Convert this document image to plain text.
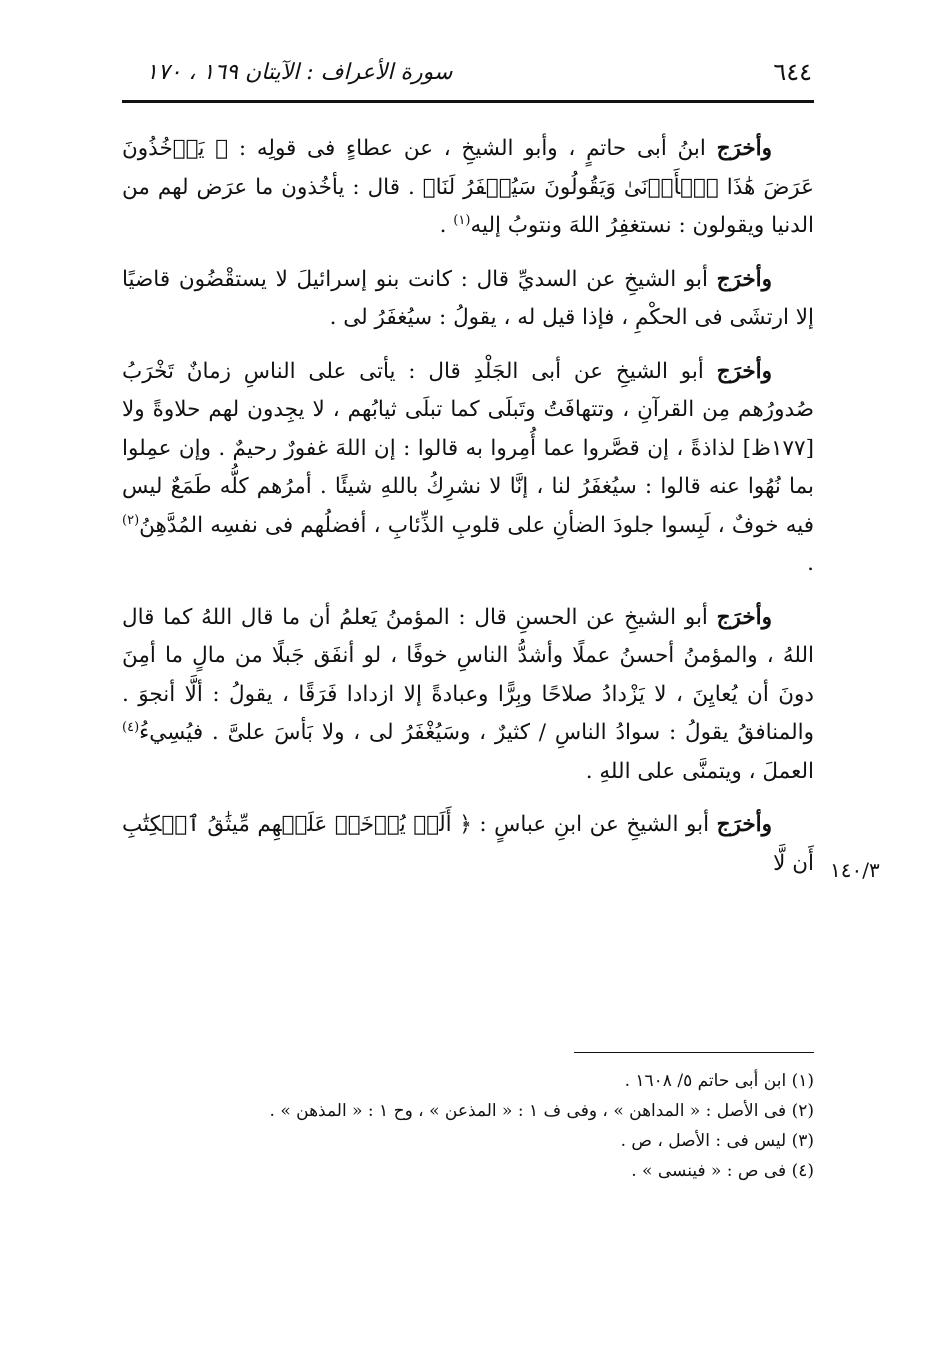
٦٤٤
سورة الأعراف : الآيتان ١٦٩ ، ١٧٠

وأخرَج ابنُ أبى حاتمٍ ، وأبو الشيخِ ، عن عطاءٍ فى قولِه : ﴿ يَأۡخُذُونَ عَرَضَ هَٰذَا ٱلۡأَدۡنَىٰ وَيَقُولُونَ سَيُغۡفَرُ لَنَا﴾ . قال : يأخُذون ما عرَض لهم من الدنيا ويقولون : نستغفِرُ اللهَ ونتوبُ إليه$^{(١)}$ .

وأخرَج أبو الشيخِ عن السديِّ قال : كانت بنو إسرائيلَ لا يستقْضُون قاضيًا إلا ارتشَى فى الحكْمِ ، فإذا قيل له ، يقولُ : سيُغفَرُ لى .

وأخرَج أبو الشيخِ عن أبى الجَلْدِ قال : يأتى على الناسِ زمانٌ تَخْرَبُ صُدورُهم مِن القرآنِ ، وتتهافَتُ وتَبلَى كما تبلَى ثيابُهم ، لا يجِدون لهم حلاوةً ولا [١٧٧ظ] لذاذةً ، إن قصَّروا عما أُمِروا به قالوا : إن اللهَ غفورٌ رحيمٌ . وإن عمِلوا بما نُهُوا عنه قالوا : سيُغفَرُ لنا ، إنَّا لا نشرِكُ باللهِ شيئًا . أمرُهم كلُّه طَمَعٌ ليس فيه خوفٌ ، لَبِسوا جلودَ الضأنِ على قلوبِ الذِّئابِ ، أفضلُهم فى نفسِه المُدَّهِنُ$^{(٢)}$ .

وأخرَج أبو الشيخِ عن الحسنِ قال : المؤمنُ يَعلمُ أن ما قال اللهُ كما قال اللهُ ، والمؤمنُ أحسنُ عملًا وأشدُّ الناسِ خوفًا ، لو أنفَق جَبلًا من مالٍ ما أمِنَ دونَ أن يُعايِنَ ، لا يَزْدادُ صلاحًا وبِرًّا وعبادةً إلا ازدادا فَرَقًا ، يقولُ : ألَّا أنجوَ . والمنافقُ يقولُ : سوادُ الناسِ / كثيرٌ ، وسَيُغْفَرُ لى ، ولا بَأسَ علىَّ . فيُسِيءُ$^{(٤)}$ العملَ ، ويتمنَّى على اللهِ .

وأخرَج أبو الشيخِ عن ابنِ عباسٍ : ﴿ أَلَمۡ يُؤۡخَذۡ عَلَيۡهِم مِّيثَٰقُ ٱلۡكِتَٰبِ أَن لَّا ١٤٠/٣

(١) ابن أبى حاتم ٥/ ١٦٠٨ .

(٢) فى الأصل : « المداهن » ، وفى ف ١ : « المذعن » ، وح ١ : « المذهن » .

(٣) ليس فى : الأصل ، ص .

(٤) فى ص : « فينسى » .
